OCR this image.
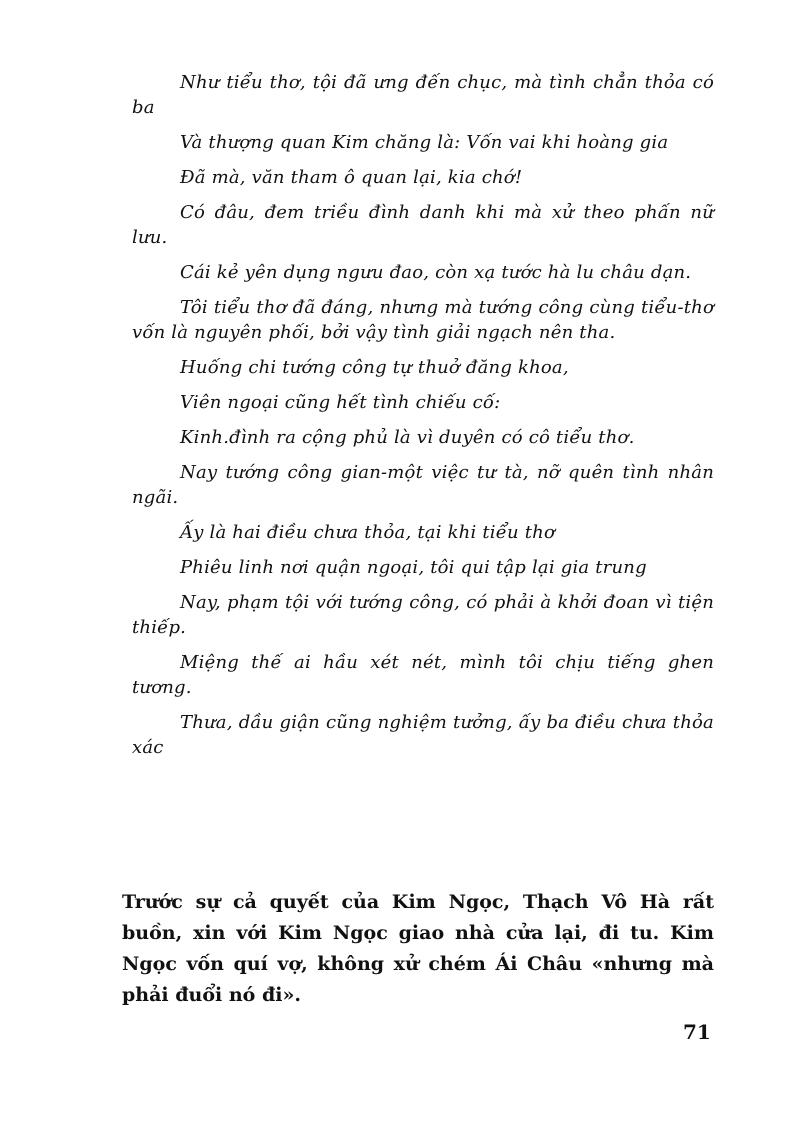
Như tiểu thơ, tội đã ưng đến chục, mà tình chẳn thỏa có ba

Và thượng quan Kim chăng là: Vốn vai khi hoàng gia

Đã mà, văn tham ô quan lại, kia chớ!

Có đâu, đem triều đình danh khi mà xử theo phấn nữ lưu.

Cái kẻ yên dụng ngưu đao, còn xạ tước hà lu châu dạn.

Tôi tiểu thơ đã đáng, nhưng mà tướng công cùng tiểu-thơ vốn là nguyên phối, bởi vậy tình giải ngạch nên tha.

Huống chi tướng công tự thuở đăng khoa,

Viên ngoại cũng hết tình chiếu cố:

Kinh.đình ra cộng phủ là vì duyên có cô tiểu thơ.

Nay tướng công gian-một việc tư tà, nỡ quên tình nhân ngãi.

Ấy là hai điều chưa thỏa, tại khi tiểu thơ

Phiêu linh nơi quận ngoại, tôi qui tập lại gia trung

Nay, phạm tội với tướng công, có phải à khởi đoan vì tiện thiếp.

Miệng thế ai hầu xét nét, mình tôi chịu tiếng ghen tương.

Thưa, dầu giận cũng nghiệm tưởng, ấy ba điều chưa thỏa xác

Trước sự cả quyết của Kim Ngọc, Thạch Vô Hà rất buồn, xin với Kim Ngọc giao nhà cửa lại, đi tu. Kim Ngọc vốn quí vợ, không xử chém Ái Châu «nhưng mà phải đuổi nó đi».

71
